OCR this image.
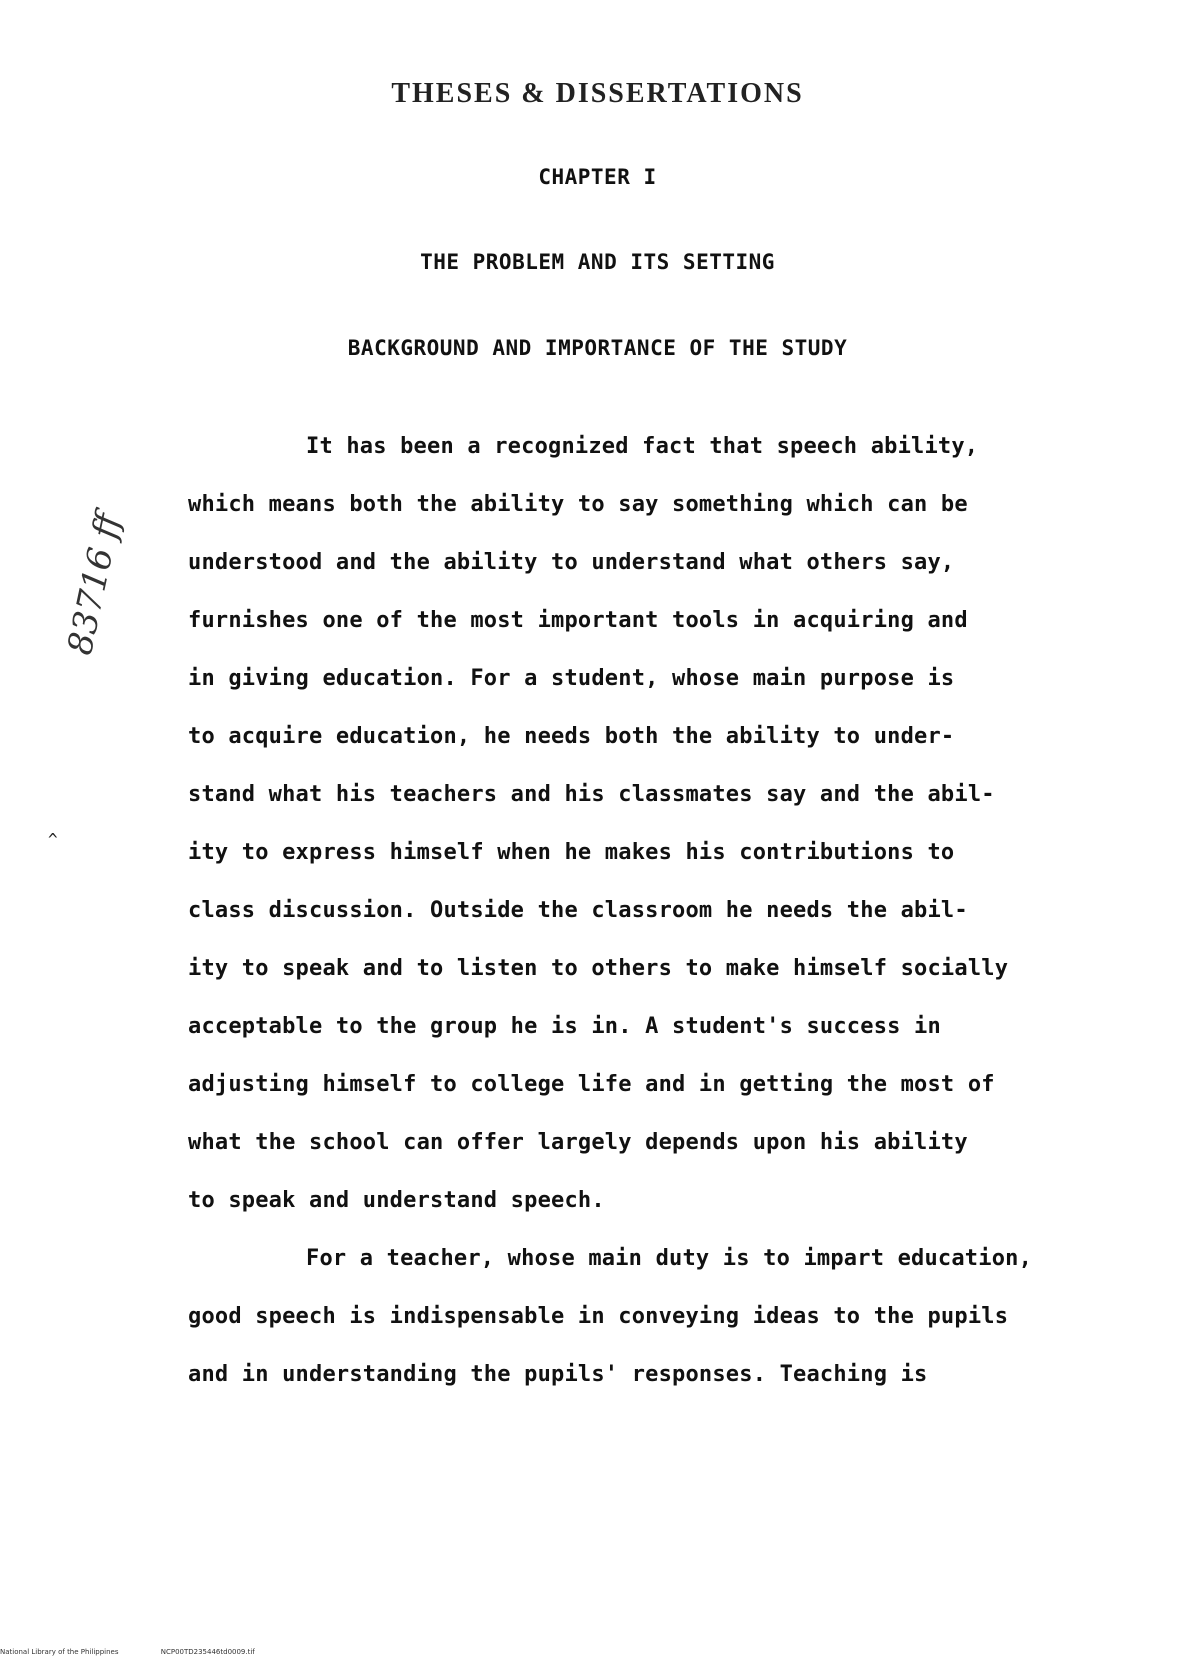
THESES & DISSERTATIONS
CHAPTER I
THE PROBLEM AND ITS SETTING
BACKGROUND AND IMPORTANCE OF THE STUDY
It has been a recognized fact that speech ability,
which means both the ability to say something which can be
understood and the ability to understand what others say,
furnishes one of the most important tools in acquiring and
in giving education. For a student, whose main purpose is
to acquire education, he needs both the ability to under-
stand what his teachers and his classmates say and the abil-
ity to express himself when he makes his contributions to
class discussion. Outside the classroom he needs the abil-
ity to speak and to listen to others to make himself socially
acceptable to the group he is in. A student's success in
adjusting himself to college life and in getting the most of
what the school can offer largely depends upon his ability
to speak and understand speech.
For a teacher, whose main duty is to impart education,
good speech is indispensable in conveying ideas to the pupils
and in understanding the pupils' responses. Teaching is
83716 ff
^
National Library of the Philippines	NCP00TD235446td0009.tif
